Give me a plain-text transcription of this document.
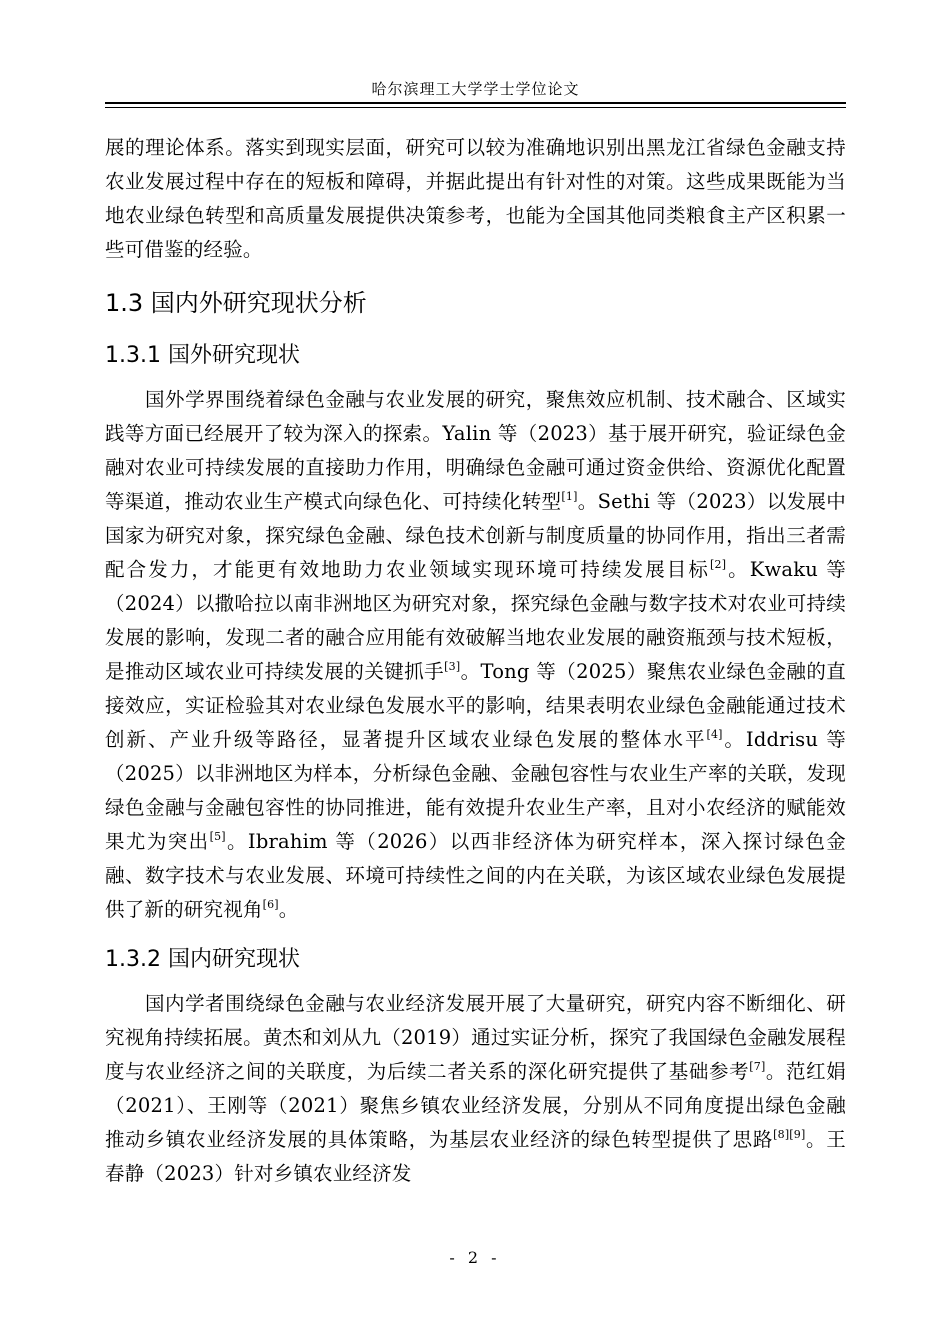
哈尔滨理工大学学士学位论文

展的理论体系。落实到现实层面，研究可以较为准确地识别出黑龙江省绿色金融支持农业发展过程中存在的短板和障碍，并据此提出有针对性的对策。这些成果既能为当地农业绿色转型和高质量发展提供决策参考，也能为全国其他同类粮食主产区积累一些可借鉴的经验。

1.3 国内外研究现状分析
1.3.1 国外研究现状

国外学界围绕着绿色金融与农业发展的研究，聚焦效应机制、技术融合、区域实践等方面已经展开了较为深入的探索。Yalin 等（2023）基于展开研究，验证绿色金融对农业可持续发展的直接助力作用，明确绿色金融可通过资金供给、资源优化配置等渠道，推动农业生产模式向绿色化、可持续化转型[1]。Sethi 等（2023）以发展中国家为研究对象，探究绿色金融、绿色技术创新与制度质量的协同作用，指出三者需配合发力，才能更有效地助力农业领域实现环境可持续发展目标[2]。Kwaku 等（2024）以撒哈拉以南非洲地区为研究对象，探究绿色金融与数字技术对农业可持续发展的影响，发现二者的融合应用能有效破解当地农业发展的融资瓶颈与技术短板，是推动区域农业可持续发展的关键抓手[3]。Tong 等（2025）聚焦农业绿色金融的直接效应，实证检验其对农业绿色发展水平的影响，结果表明农业绿色金融能通过技术创新、产业升级等路径，显著提升区域农业绿色发展的整体水平[4]。Iddrisu 等（2025）以非洲地区为样本，分析绿色金融、金融包容性与农业生产率的关联，发现绿色金融与金融包容性的协同推进，能有效提升农业生产率，且对小农经济的赋能效果尤为突出[5]。Ibrahim 等（2026）以西非经济体为研究样本，深入探讨绿色金融、数字技术与农业发展、环境可持续性之间的内在关联，为该区域农业绿色发展提供了新的研究视角[6]。

1.3.2 国内研究现状

国内学者围绕绿色金融与农业经济发展开展了大量研究，研究内容不断细化、研究视角持续拓展。黄杰和刘从九（2019）通过实证分析，探究了我国绿色金融发展程度与农业经济之间的关联度，为后续二者关系的深化研究提供了基础参考[7]。范红娟（2021）、王刚等（2021）聚焦乡镇农业经济发展，分别从不同角度提出绿色金融推动乡镇农业经济发展的具体策略，为基层农业经济的绿色转型提供了思路[8][9]。王春静（2023）针对乡镇农业经济发

- 2 -
